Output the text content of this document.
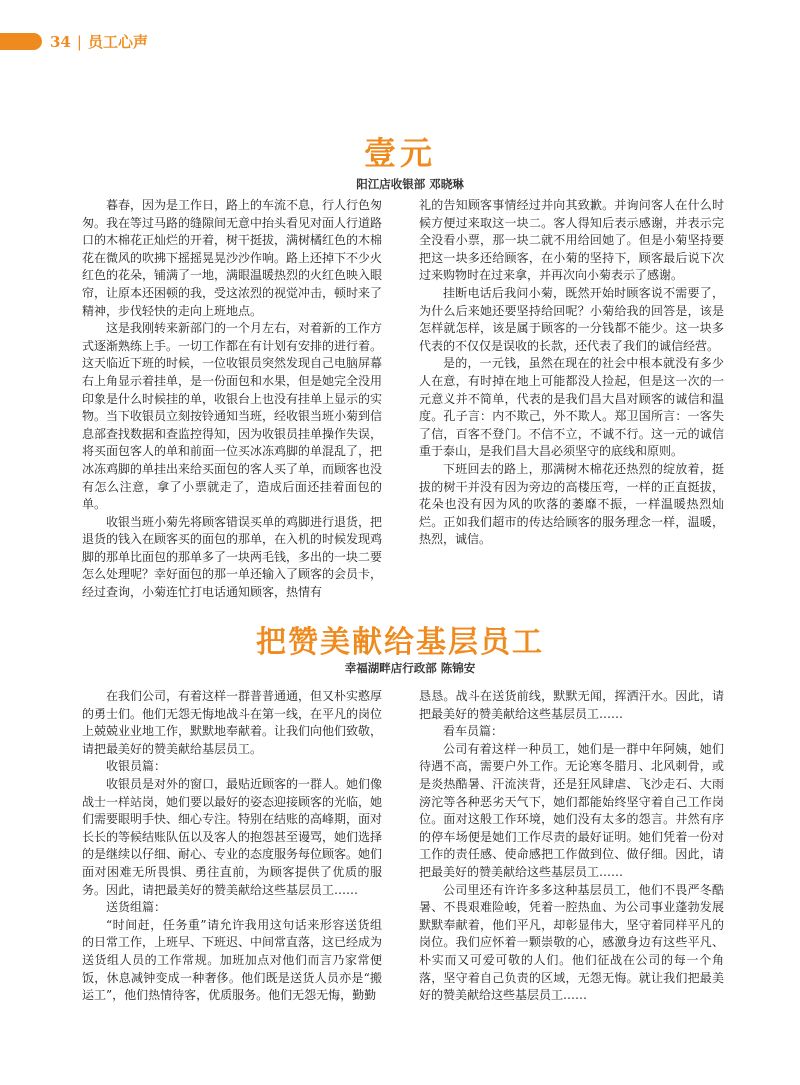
34 | 员工心声
壹元
阳江店收银部 邓晓琳

暮春，因为是工作日，路上的车流不息，行人行色匆匆。我在等过马路的缝隙间无意中抬头看见对面人行道路口的木棉花正灿烂的开着，树干挺拔，满树橘红色的木棉花在微风的吹拂下摇摇晃晃沙沙作响。路上还掉下不少火红色的花朵，铺满了一地，满眼温暖热烈的火红色映入眼帘，让原本还困顿的我，受这浓烈的视觉冲击，顿时来了精神，步伐轻快的走向上班地点。

这是我刚转来新部门的一个月左右，对着新的工作方式逐渐熟练上手。一切工作都在有计划有安排的进行着。这天临近下班的时候，一位收银员突然发现自己电脑屏幕右上角显示着挂单，是一份面包和水果，但是她完全没用印象是什么时候挂的单，收银台上也没有挂单上显示的实物。当下收银员立刻按铃通知当班，经收银当班小菊到信息部查找数据和查监控得知，因为收银员挂单操作失误，将买面包客人的单和前面一位买冰冻鸡脚的单混乱了，把冰冻鸡脚的单挂出来给买面包的客人买了单，而顾客也没有怎么注意，拿了小票就走了，造成后面还挂着面包的单。

收银当班小菊先将顾客错误买单的鸡脚进行退货，把退货的钱入在顾客买的面包的那单，在入机的时候发现鸡脚的那单比面包的那单多了一块两毛钱，多出的一块二要怎么处理呢？幸好面包的那一单还输入了顾客的会员卡，经过查询，小菊连忙打电话通知顾客，热情有

礼的告知顾客事情经过并向其致歉。并询问客人在什么时候方便过来取这一块二。客人得知后表示感谢，并表示完全没看小票，那一块二就不用给回她了。但是小菊坚持要把这一块多还给顾客，在小菊的坚持下，顾客最后说下次过来购物时在过来拿，并再次向小菊表示了感谢。

挂断电话后我问小菊，既然开始时顾客说不需要了，为什么后来她还要坚持给回呢？小菊给我的回答是，该是怎样就怎样，该是属于顾客的一分钱都不能少。这一块多代表的不仅仅是误收的长款，还代表了我们的诚信经营。

是的，一元钱，虽然在现在的社会中根本就没有多少人在意，有时掉在地上可能都没人捡起，但是这一次的一元意义并不简单，代表的是我们昌大昌对顾客的诚信和温度。孔子言：内不欺己，外不欺人。郑卫国所言：一客失了信，百客不登门。不信不立，不诚不行。这一元的诚信重于泰山，是我们昌大昌必须坚守的底线和原则。

下班回去的路上，那满树木棉花还热烈的绽放着，挺拔的树干并没有因为旁边的高楼压弯，一样的正直挺拔，花朵也没有因为风的吹落的萎靡不振，一样温暖热烈灿烂。正如我们超市的传达给顾客的服务理念一样，温暖，热烈，诚信。

把赞美献给基层员工
幸福湖畔店行政部 陈锦安

在我们公司，有着这样一群普普通通，但又朴实憨厚的勇士们。他们无怨无悔地战斗在第一线，在平凡的岗位上兢兢业业地工作，默默地奉献着。让我们向他们致敬，请把最美好的赞美献给基层员工。

收银员篇：

收银员是对外的窗口，最贴近顾客的一群人。她们像战士一样站岗，她们要以最好的姿态迎接顾客的光临，她们需要眼明手快、细心专注。特别在结账的高峰期，面对长长的等候结账队伍以及客人的抱怨甚至谩骂，她们选择的是继续以仔细、耐心、专业的态度服务每位顾客。她们面对困难无所畏惧、勇往直前，为顾客提供了优质的服务。因此，请把最美好的赞美献给这些基层员工……

送货组篇：

“时间赶，任务重”请允许我用这句话来形容送货组的日常工作，上班早、下班迟、中间常直落，这已经成为送货组人员的工作常规。加班加点对他们而言乃家常便饭，休息减钟变成一种奢侈。他们既是送货人员亦是“搬运工”，他们热情待客，优质服务。他们无怨无悔，勤勤

恳恳。战斗在送货前线，默默无闻，挥洒汗水。因此，请把最美好的赞美献给这些基层员工……

看车员篇：

公司有着这样一种员工，她们是一群中年阿姨，她们待遇不高，需要户外工作。无论寒冬腊月、北风刺骨，或是炎热酷暑、汗流浃背，还是狂风肆虐、飞沙走石、大雨滂沱等各种恶劣天气下，她们都能始终坚守着自己工作岗位。面对这般工作环境，她们没有太多的怨言。井然有序的停车场便是她们工作尽责的最好证明。她们凭着一份对工作的责任感、使命感把工作做到位、做仔细。因此，请把最美好的赞美献给这些基层员工……

公司里还有许许多多这种基层员工，他们不畏严冬酷暑、不畏艰难险峻，凭着一腔热血、为公司事业蓬勃发展默默奉献着，他们平凡，却彰显伟大，坚守着同样平凡的岗位。我们应怀着一颗崇敬的心，感激身边有这些平凡、朴实而又可爱可敬的人们。他们征战在公司的每一个角落，坚守着自己负责的区域，无怨无悔。就让我们把最美好的赞美献给这些基层员工……
